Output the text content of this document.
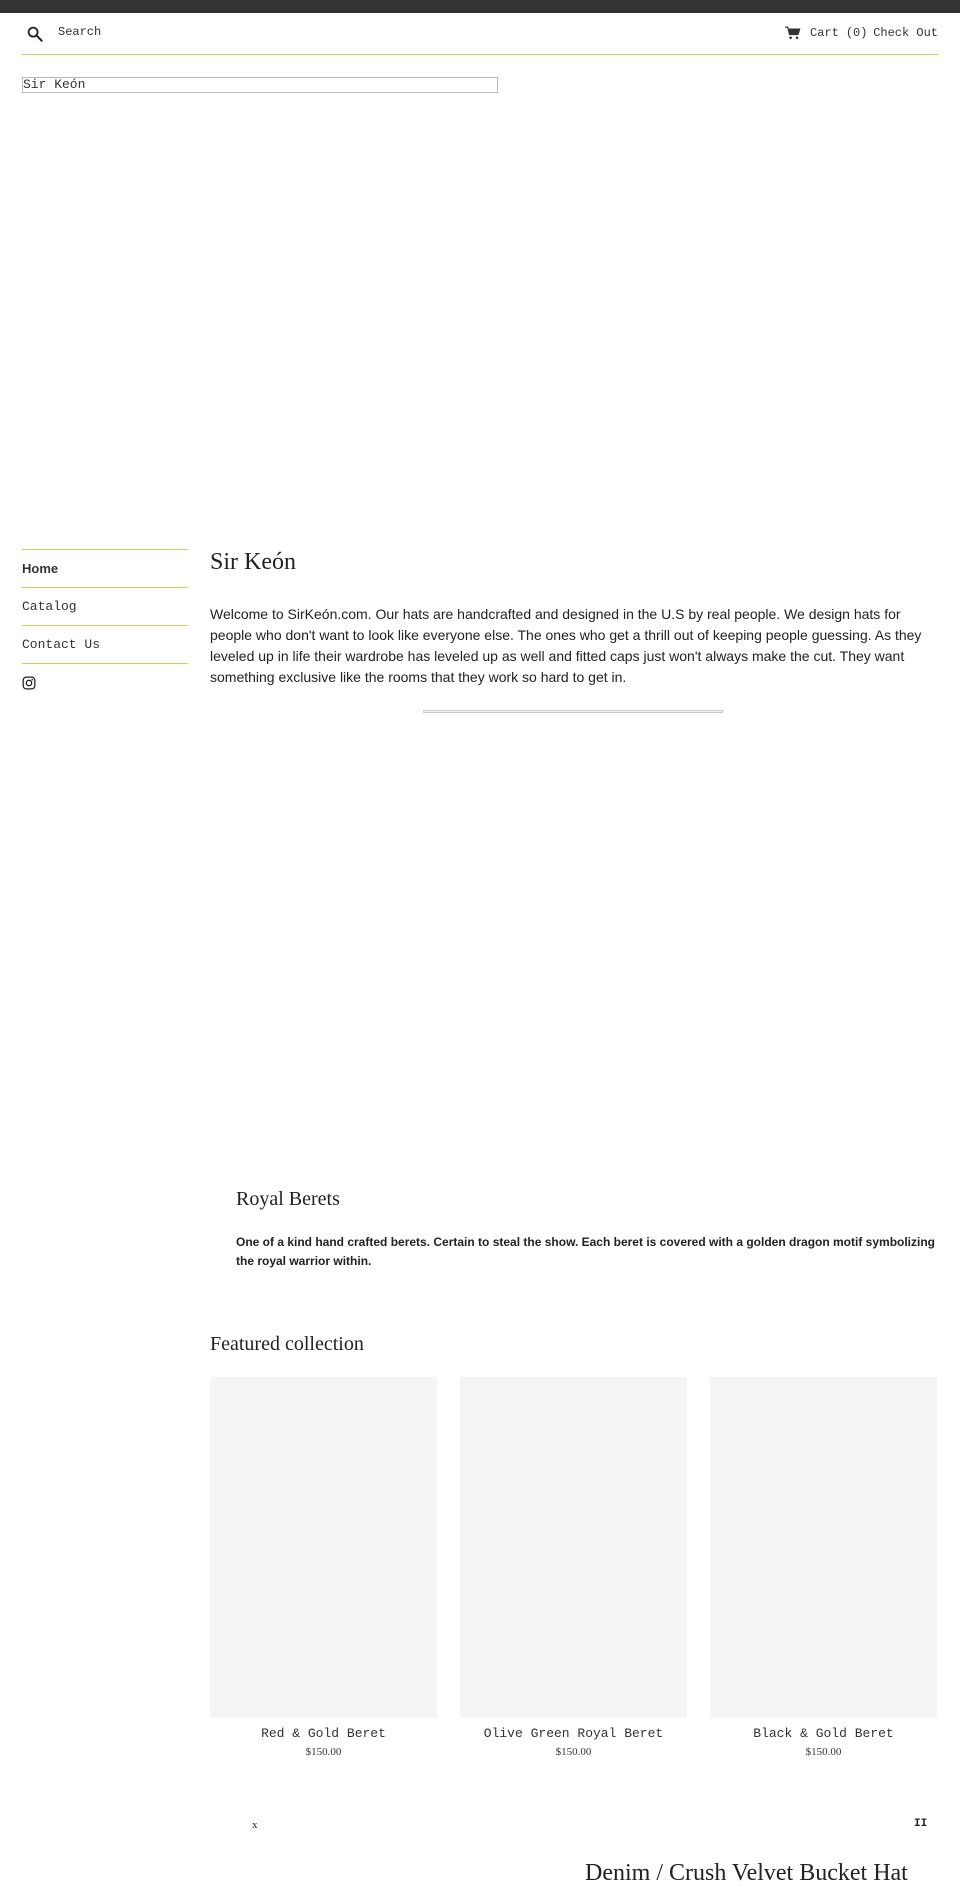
Search
Cart (0) Check Out
Sir Keón
Home
Catalog
Contact Us
Sir Keón

Welcome to SirKeón.com. Our hats are handcrafted and designed in the U.S by real people. We design hats for people who don't want to look like everyone else. The ones who get a thrill out of keeping people guessing. As they leveled up in life their wardrobe has leveled up as well and fitted caps just won't always make the cut. They want something exclusive like the rooms that they work so hard to get in.

Royal Berets

One of a kind hand crafted berets. Certain to steal the show. Each beret is covered with a golden dragon motif symbolizing the royal warrior within.

Featured collection
Red & Gold Beret
$150.00
Olive Green Royal Beret
$150.00
Black & Gold Beret
$150.00
x	II
Denim / Crush Velvet Bucket Hat
